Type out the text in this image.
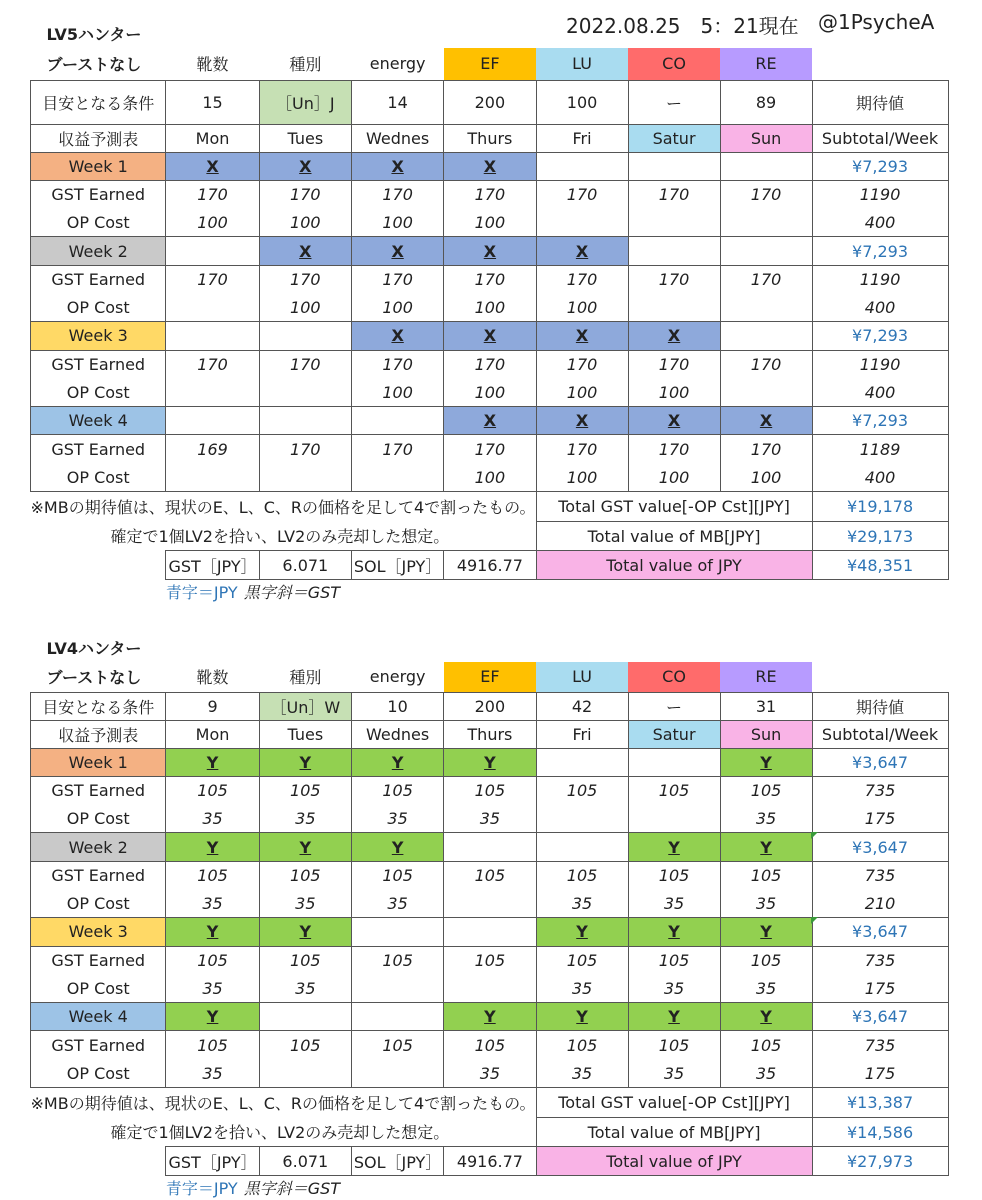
2022.08.25　5：21現在 @1PsycheA
LV5ハンター								
ブーストなし	靴数	種別	energy	EF	LU	CO	RE	
目安となる条件	15	［Un］J	14	200	100	ー	89	期待値
収益予測表	Mon	Tues	Wednes	Thurs	Fri	Satur	Sun	Subtotal/Week
Week 1	X	X	X	X				¥7,293
GST Earned	170	170	170	170	170	170	170	1190
OP Cost	100	100	100	100				400
Week 2		X	X	X	X			¥7,293
GST Earned	170	170	170	170	170	170	170	1190
OP Cost		100	100	100	100			400
Week 3			X	X	X	X		¥7,293
GST Earned	170	170	170	170	170	170	170	1190
OP Cost			100	100	100	100		400
Week 4				X	X	X	X	¥7,293
GST Earned	169	170	170	170	170	170	170	1189
OP Cost				100	100	100	100	400
※MBの期待値は、現状のE、L、C、Rの価格を足して4で割ったもの。					Total GST value[-OP Cst][JPY]			¥19,178
確定で1個LV2を拾い、LV2のみ売却した想定。					Total value of MB[JPY]			¥29,173
	GST［JPY］	6.071	SOL［JPY］	4916.77	Total value of JPY			¥48,351
	青字＝JPY 黒字斜＝GST							
LV4ハンター								
ブーストなし	靴数	種別	energy	EF	LU	CO	RE	
目安となる条件	9	［Un］W	10	200	42	ー	31	期待値
収益予測表	Mon	Tues	Wednes	Thurs	Fri	Satur	Sun	Subtotal/Week
Week 1	Y	Y	Y	Y			Y	¥3,647
GST Earned	105	105	105	105	105	105	105	735
OP Cost	35	35	35	35			35	175
Week 2	Y	Y	Y			Y	Y	¥3,647
GST Earned	105	105	105	105	105	105	105	735
OP Cost	35	35	35		35	35	35	210
Week 3	Y	Y			Y	Y	Y	¥3,647
GST Earned	105	105	105	105	105	105	105	735
OP Cost	35	35			35	35	35	175
Week 4	Y			Y	Y	Y	Y	¥3,647
GST Earned	105	105	105	105	105	105	105	735
OP Cost	35			35	35	35	35	175
※MBの期待値は、現状のE、L、C、Rの価格を足して4で割ったもの。					Total GST value[-OP Cst][JPY]			¥13,387
確定で1個LV2を拾い、LV2のみ売却した想定。					Total value of MB[JPY]			¥14,586
	GST［JPY］	6.071	SOL［JPY］	4916.77	Total value of JPY			¥27,973
	青字＝JPY 黒字斜＝GST							
